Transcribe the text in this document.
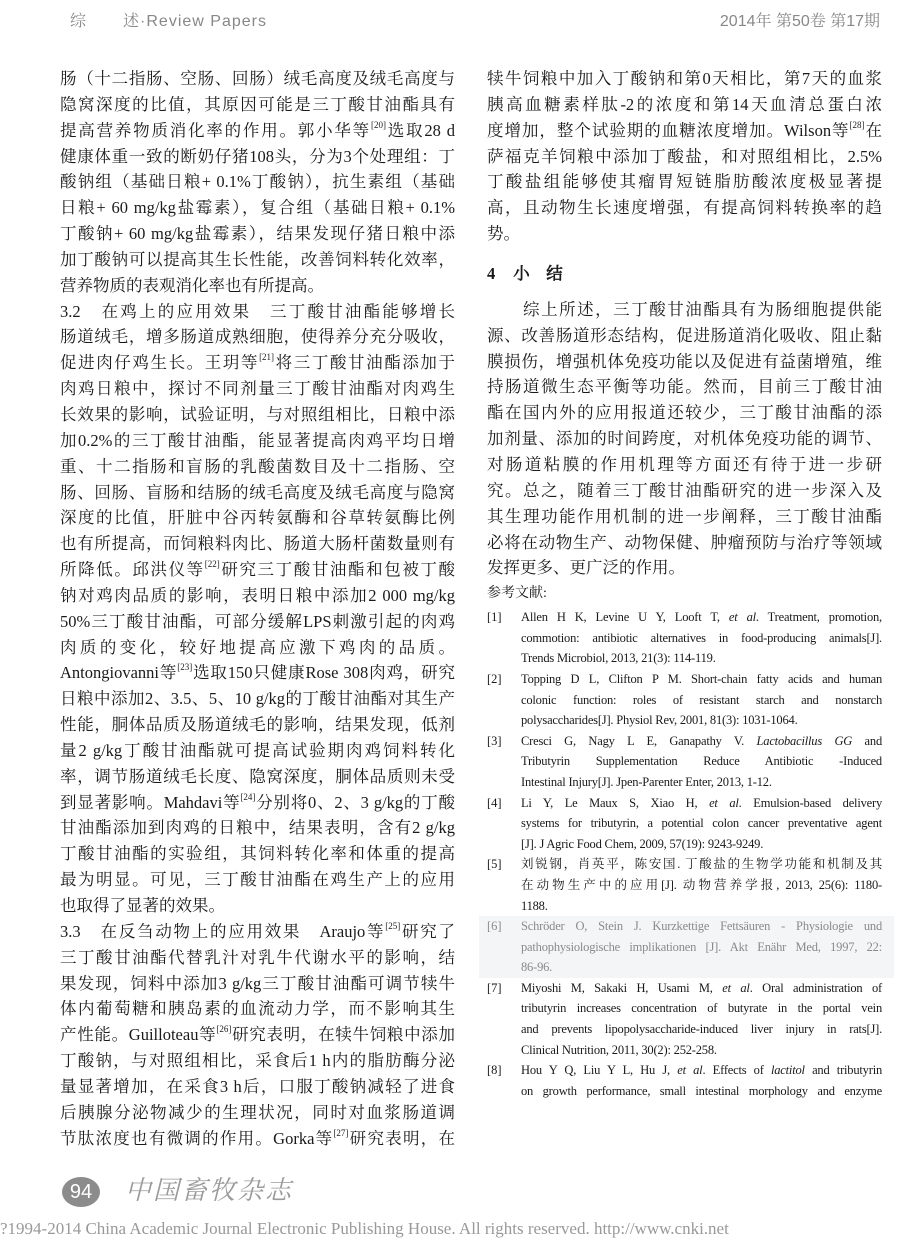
综 述·Review Papers	2014年 第50卷 第17期
肠（十二指肠、空肠、回肠）绒毛高度及绒毛高度与
隐窝深度的比值，其原因可能是三丁酸甘油酯具有
提高营养物质消化率的作用。郭小华等[20]选取28 d
健康体重一致的断奶仔猪108头，分为3个处理组：丁
酸钠组（基础日粮+ 0.1%丁酸钠），抗生素组（基础
日粮+ 60 mg/kg盐霉素），复合组（基础日粮+ 0.1%
丁酸钠+ 60 mg/kg盐霉素），结果发现仔猪日粮中添
加丁酸钠可以提高其生长性能，改善饲料转化效率，
营养物质的表观消化率也有所提高。
3.2　在鸡上的应用效果　三丁酸甘油酯能够增长
肠道绒毛，增多肠道成熟细胞，使得养分充分吸收，
促进肉仔鸡生长。王玥等[21]将三丁酸甘油酯添加于
肉鸡日粮中，探讨不同剂量三丁酸甘油酯对肉鸡生
长效果的影响，试验证明，与对照组相比，日粮中添
加0.2%的三丁酸甘油酯，能显著提高肉鸡平均日增
重、十二指肠和盲肠的乳酸菌数目及十二指肠、空
肠、回肠、盲肠和结肠的绒毛高度及绒毛高度与隐窝
深度的比值，肝脏中谷丙转氨酶和谷草转氨酶比例
也有所提高，而饲粮料肉比、肠道大肠杆菌数量则有
所降低。邱洪仪等[22]研究三丁酸甘油酯和包被丁酸
钠对鸡肉品质的影响，表明日粮中添加2 000 mg/kg
50%三丁酸甘油酯，可部分缓解LPS刺激引起的肉鸡
肉质的变化，较好地提高应激下鸡肉的品质。
Antongiovanni等[23]选取150只健康Rose 308肉鸡，研究
日粮中添加2、3.5、5、10 g/kg的丁酸甘油酯对其生产
性能，胴体品质及肠道绒毛的影响，结果发现，低剂
量2 g/kg丁酸甘油酯就可提高试验期肉鸡饲料转化
率，调节肠道绒毛长度、隐窝深度，胴体品质则未受
到显著影响。Mahdavi等[24]分别将0、2、3 g/kg的丁酸
甘油酯添加到肉鸡的日粮中，结果表明，含有2 g/kg
丁酸甘油酯的实验组，其饲料转化率和体重的提高
最为明显。可见，三丁酸甘油酯在鸡生产上的应用
也取得了显著的效果。
3.3　在反刍动物上的应用效果　Araujo等[25]研究了
三丁酸甘油酯代替乳汁对乳牛代谢水平的影响，结
果发现，饲料中添加3 g/kg三丁酸甘油酯可调节犊牛
体内葡萄糖和胰岛素的血流动力学，而不影响其生
产性能。Guilloteau等[26]研究表明，在犊牛饲粮中添加
丁酸钠，与对照组相比，采食后1 h内的脂肪酶分泌
量显著增加，在采食3 h后，口服丁酸钠减轻了进食
后胰腺分泌物减少的生理状况，同时对血浆肠道调
节肽浓度也有微调的作用。Gorka等[27]研究表明，在
犊牛饲粮中加入丁酸钠和第0天相比，第7天的血浆
胰高血糖素样肽-2的浓度和第14天血清总蛋白浓
度增加，整个试验期的血糖浓度增加。Wilson等[28]在
萨福克羊饲粮中添加丁酸盐，和对照组相比，2.5%
丁酸盐组能够使其瘤胃短链脂肪酸浓度极显著提
高，且动物生长速度增强，有提高饲料转换率的趋
势。
4 小　结
　　综上所述，三丁酸甘油酯具有为肠细胞提供能
源、改善肠道形态结构，促进肠道消化吸收、阻止黏
膜损伤，增强机体免疫功能以及促进有益菌增殖，维
持肠道微生态平衡等功能。然而，目前三丁酸甘油
酯在国内外的应用报道还较少，三丁酸甘油酯的添
加剂量、添加的时间跨度，对机体免疫功能的调节、
对肠道粘膜的作用机理等方面还有待于进一步研
究。总之，随着三丁酸甘油酯研究的进一步深入及
其生理功能作用机制的进一步阐释，三丁酸甘油酯
必将在动物生产、动物保健、肿瘤预防与治疗等领域
发挥更多、更广泛的作用。
参考文献:
[1] Allen H K, Levine U Y, Looft T, et al. Treatment, promotion,
commotion: antibiotic alternatives in food-producing animals[J].
Trends Microbiol, 2013, 21(3): 114-119.
[2] Topping D L, Clifton P M. Short-chain fatty acids and human
colonic function: roles of resistant starch and nonstarch
polysaccharides[J]. Physiol Rev, 2001, 81(3): 1031-1064.
[3] Cresci G, Nagy L E, Ganapathy V. Lactobacillus GG and
Tributyrin Supplementation Reduce Antibiotic -Induced
Intestinal Injury[J]. Jpen-Parenter Enter, 2013, 1-12.
[4] Li Y, Le Maux S, Xiao H, et al. Emulsion-based delivery
systems for tributyrin, a potential colon cancer preventative agent
[J]. J Agric Food Chem, 2009, 57(19): 9243-9249.
[5] 刘锐钢，肖英平，陈安国. 丁酸盐的生物学功能和机制及其
在动物生产中的应用[J]. 动物营养学报, 2013, 25(6): 1180-
1188.
[6] Schröder O, Stein J. Kurzkettige Fettsäuren - Physiologie und
pathophysiologische implikationen [J]. Akt Enähr Med, 1997, 22:
86-96.
[7] Miyoshi M, Sakaki H, Usami M, et al. Oral administration of
tributyrin increases concentration of butyrate in the portal vein
and prevents lipopolysaccharide-induced liver injury in rats[J].
Clinical Nutrition, 2011, 30(2): 252-258.
[8] Hou Y Q, Liu Y L, Hu J, et al. Effects of lactitol and tributyrin
on growth performance, small intestinal morphology and enzyme
94	中国畜牧杂志
?1994-2014 China Academic Journal Electronic Publishing House. All rights reserved. http://www.cnki.net
